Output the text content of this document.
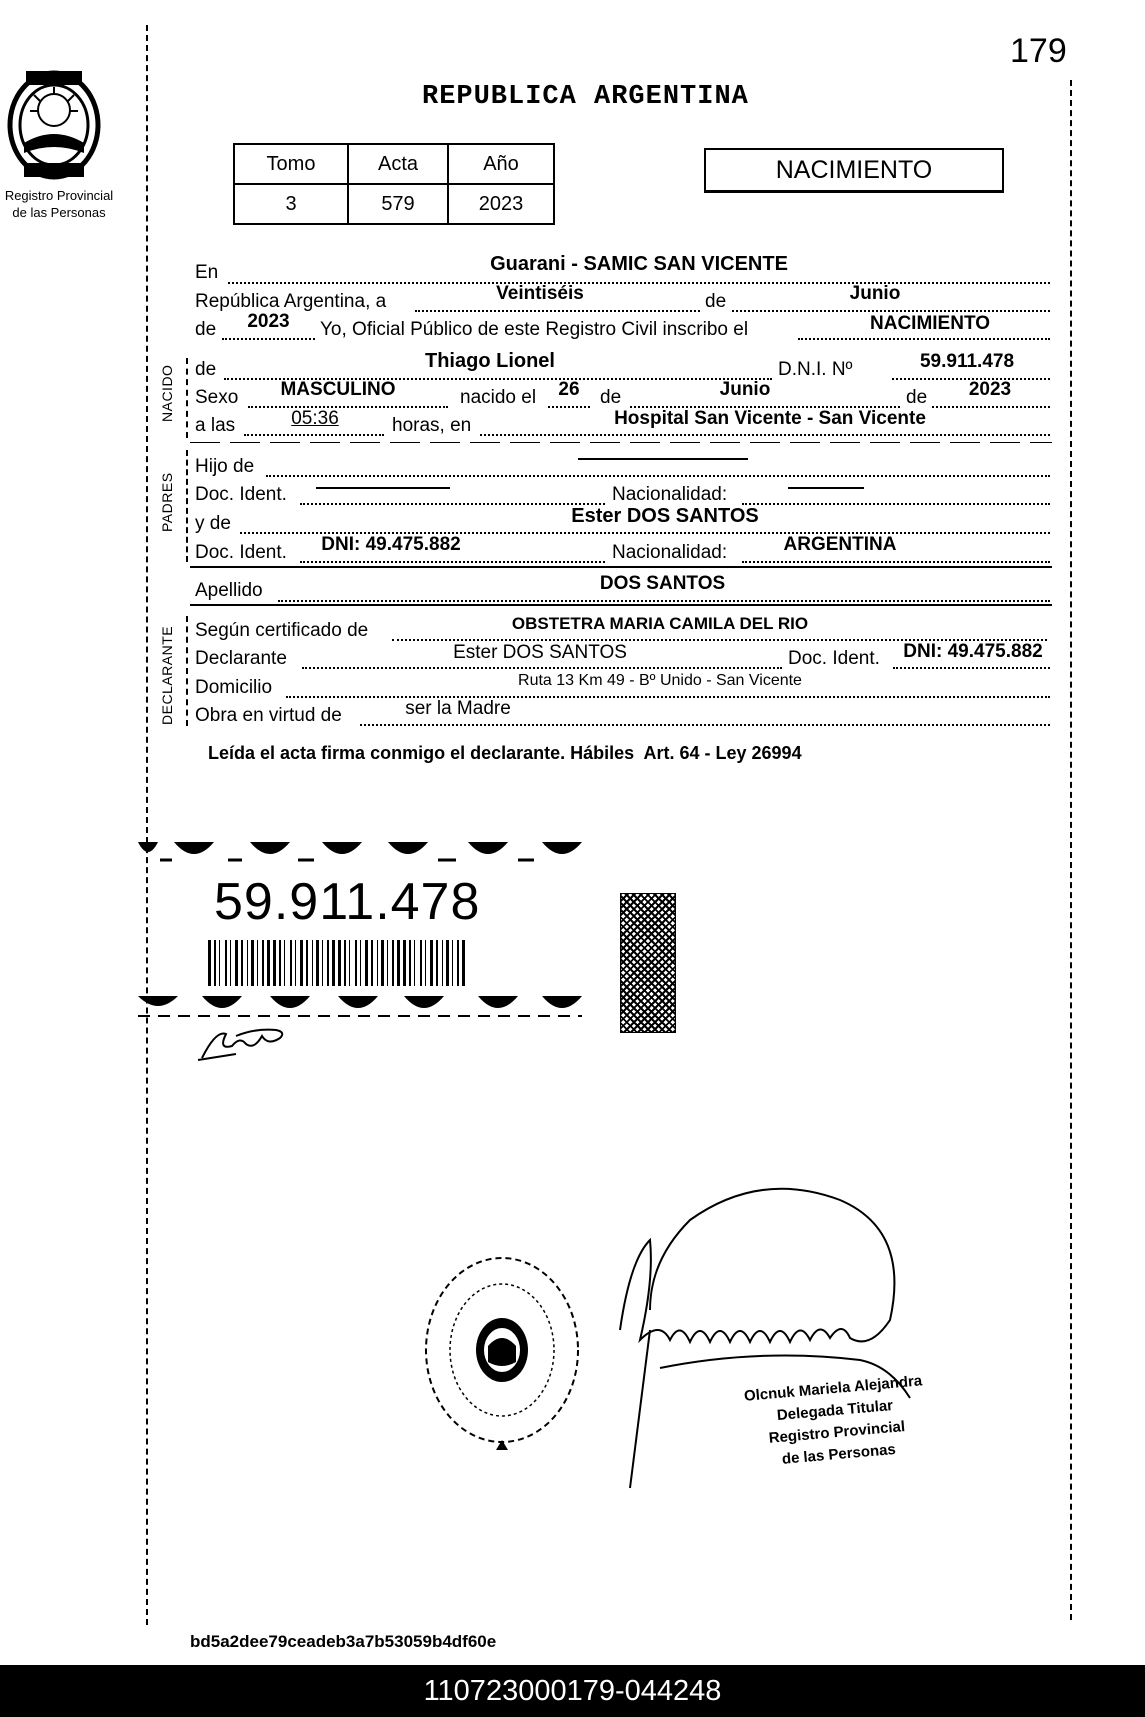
179
Registro Provincial
de las Personas
REPUBLICA ARGENTINA
Tomo	Acta	Año
3	579	2023
NACIMIENTO
En	Guarani - SAMIC SAN VICENTE
República Argentina, a	Veintiséis	de	Junio
de	2023	Yo, Oficial Público de este Registro Civil inscribo el	NACIMIENTO
NACIDO de	Thiago Lionel	D.N.I. Nº	59.911.478
Sexo	MASCULINO	nacido el	26	de	Junio	de	2023
a las	05:36	horas, en	Hospital San Vicente - San Vicente
PADRES
Hijo de
Doc. Ident.	Nacionalidad:
y de	Ester DOS SANTOS
Doc. Ident.	DNI: 49.475.882	Nacionalidad:	ARGENTINA
Apellido	DOS SANTOS
DECLARANTE Según certificado de	OBSTETRA MARIA CAMILA DEL RIO
Declarante	Ester DOS SANTOS	Doc. Ident.	DNI: 49.475.882
Domicilio	Ruta 13 Km 49 - Bº Unido - San Vicente
Obra en virtud de	ser la Madre
Leída el acta firma conmigo el declarante. Hábiles  Art. 64 - Ley 26994
59.911.478
Olcnuk Mariela Alejandra
Delegada Titular
Registro Provincial
de las Personas
bd5a2dee79ceadeb3a7b53059b4df60e
110723000179-044248
